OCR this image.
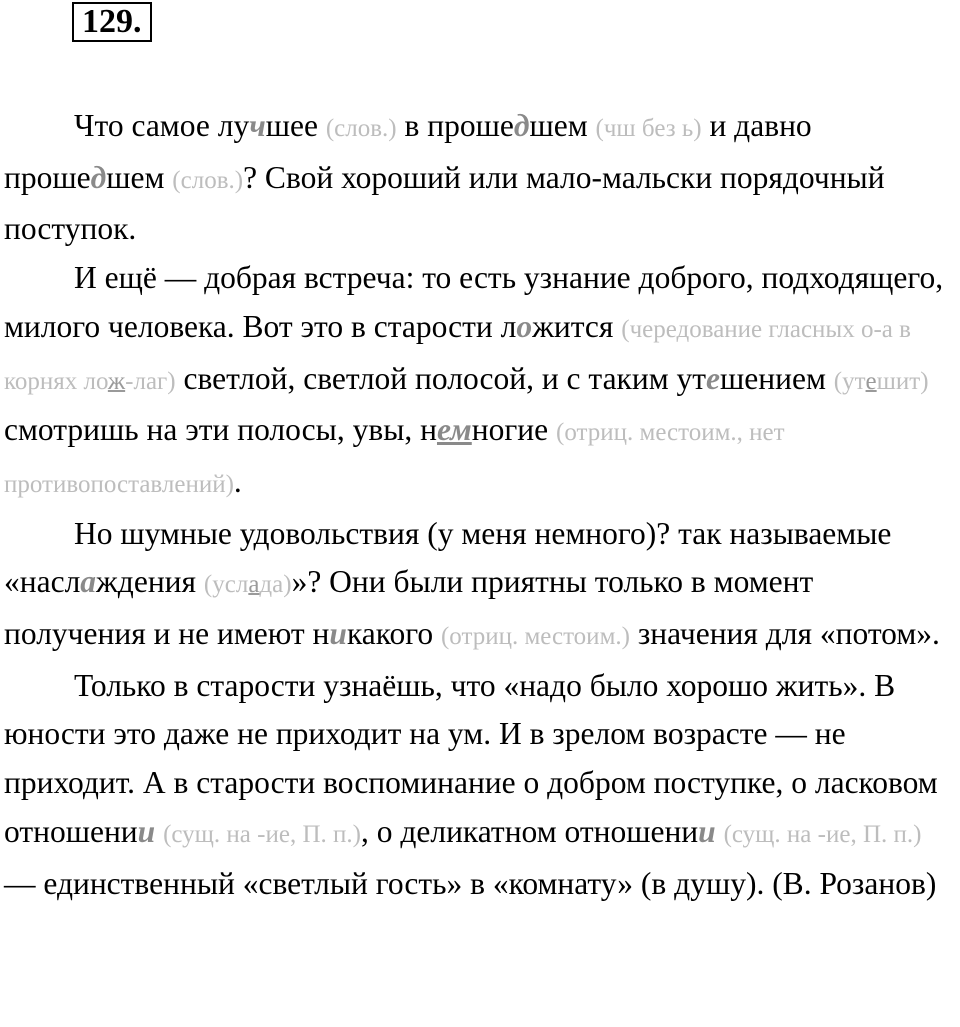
129 .

Что самое лучшее (слов.) в прошедшем (чш без ь) и давно прошедшем (слов.)? Свой хороший или мало-мальски порядочный поступок.

И ещё — добрая встреча: то есть узнание доброго, подходящего, милого человека. Вот это в старости ложится (чередование гласных о-а в корнях лож-лаг) светлой, светлой полосой, и с таким утешением (утешит) смотришь на эти полосы, увы, немногие (отриц. местоим., нет противопоставлений).

Но шумные удовольствия (у меня немного)? так называемые «наслаждения (услада)»? Они были приятны только в момент получения и не имеют никакого (отриц. местоим.) значения для «потом».

Только в старости узнаёшь, что «надо было хорошо жить». В юности это даже не приходит на ум. И в зрелом возрасте — не приходит. А в старости воспоминание о добром поступке, о ласковом отношении (сущ. на -ие, П. п.), о деликатном отношении (сущ. на -ие, П. п.) — единственный «светлый гость» в «комнату» (в душу). (В. Розанов)
